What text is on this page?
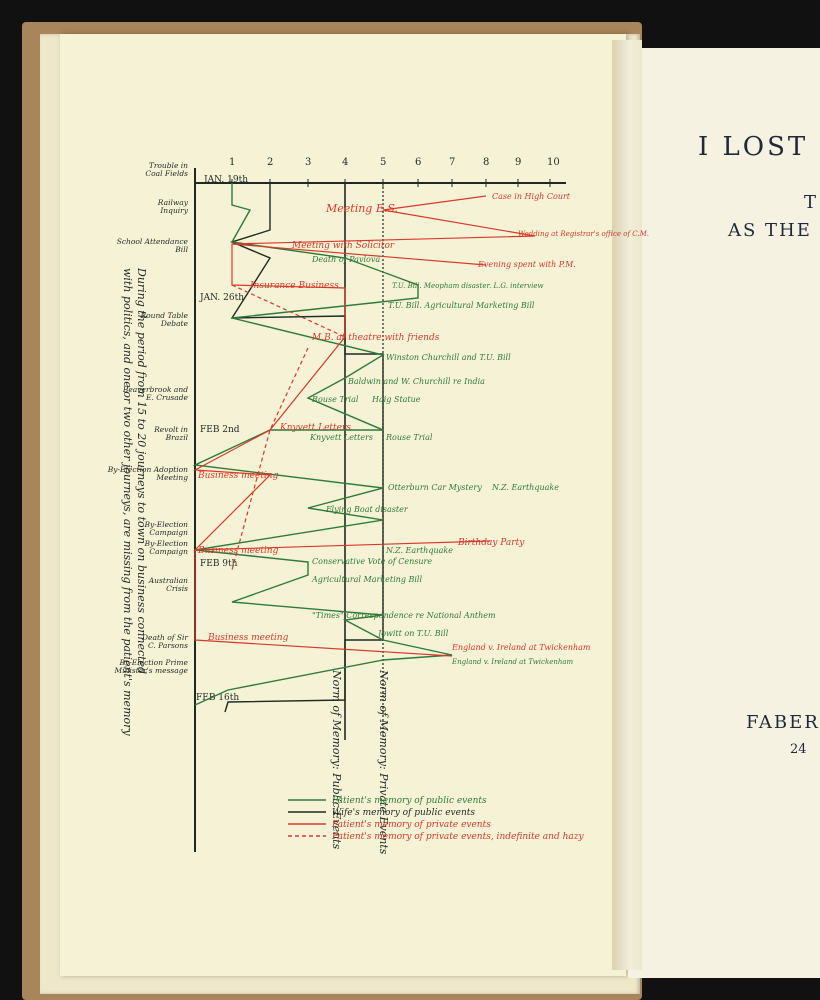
I LOST
T
AS THE
FABER
24
1	2	3	4	5	6	7	8	9	10
Trouble in
Coal Fields
Railway
Inquiry
School Attendance
Bill
Round Table
Debate
Beaverbrook and
E. Crusade
Revolt in
Brazil
By-Election Adoption
Meeting
By-Election
Campaign
By-Election
Campaign
Australian
Crisis
Death of Sir
C. Parsons
By-Election Prime
Minister's message
JAN. 19th
JAN. 26th
FEB 2nd
FEB 9th
FEB 16th	Norm of Memory: Public Events	Norm of Memory: Private Events
Meeting E.S.
Case in High Court
Wedding at Registrar's office of C.M.
Meeting with Solicitor
Evening spent with P.M.
Insurance Business
M.B. at theatre with friends
Knyvett Letters
Business meeting
Business meeting
Birthday Party
Business meeting
England v. Ireland at Twickenham
Death of Pavlova
T.U. Bill. Meopham disaster. L.G. interview
T.U. Bill. Agricultural Marketing Bill
Winston Churchill and T.U. Bill
Baldwin and W. Churchill re India
Rouse Trial Haig Statue
Knyvett Letters Rouse Trial
Otterburn Car Mystery N.Z. Earthquake
Flying Boat disaster
N.Z. Earthquake
Conservative Vote of Censure
Agricultural Marketing Bill
"Times" Correspondence re National Anthem
Jowitt on T.U. Bill
England v. Ireland at Twickenham
During the period from 15 to 20 journeys to town on business connected
with politics, and one or two other journeys, are missing from the patient's memory
Patient's memory of public events
Wife's memory of public events
Patient's memory of private events
Patient's memory of private events, indefinite and hazy
